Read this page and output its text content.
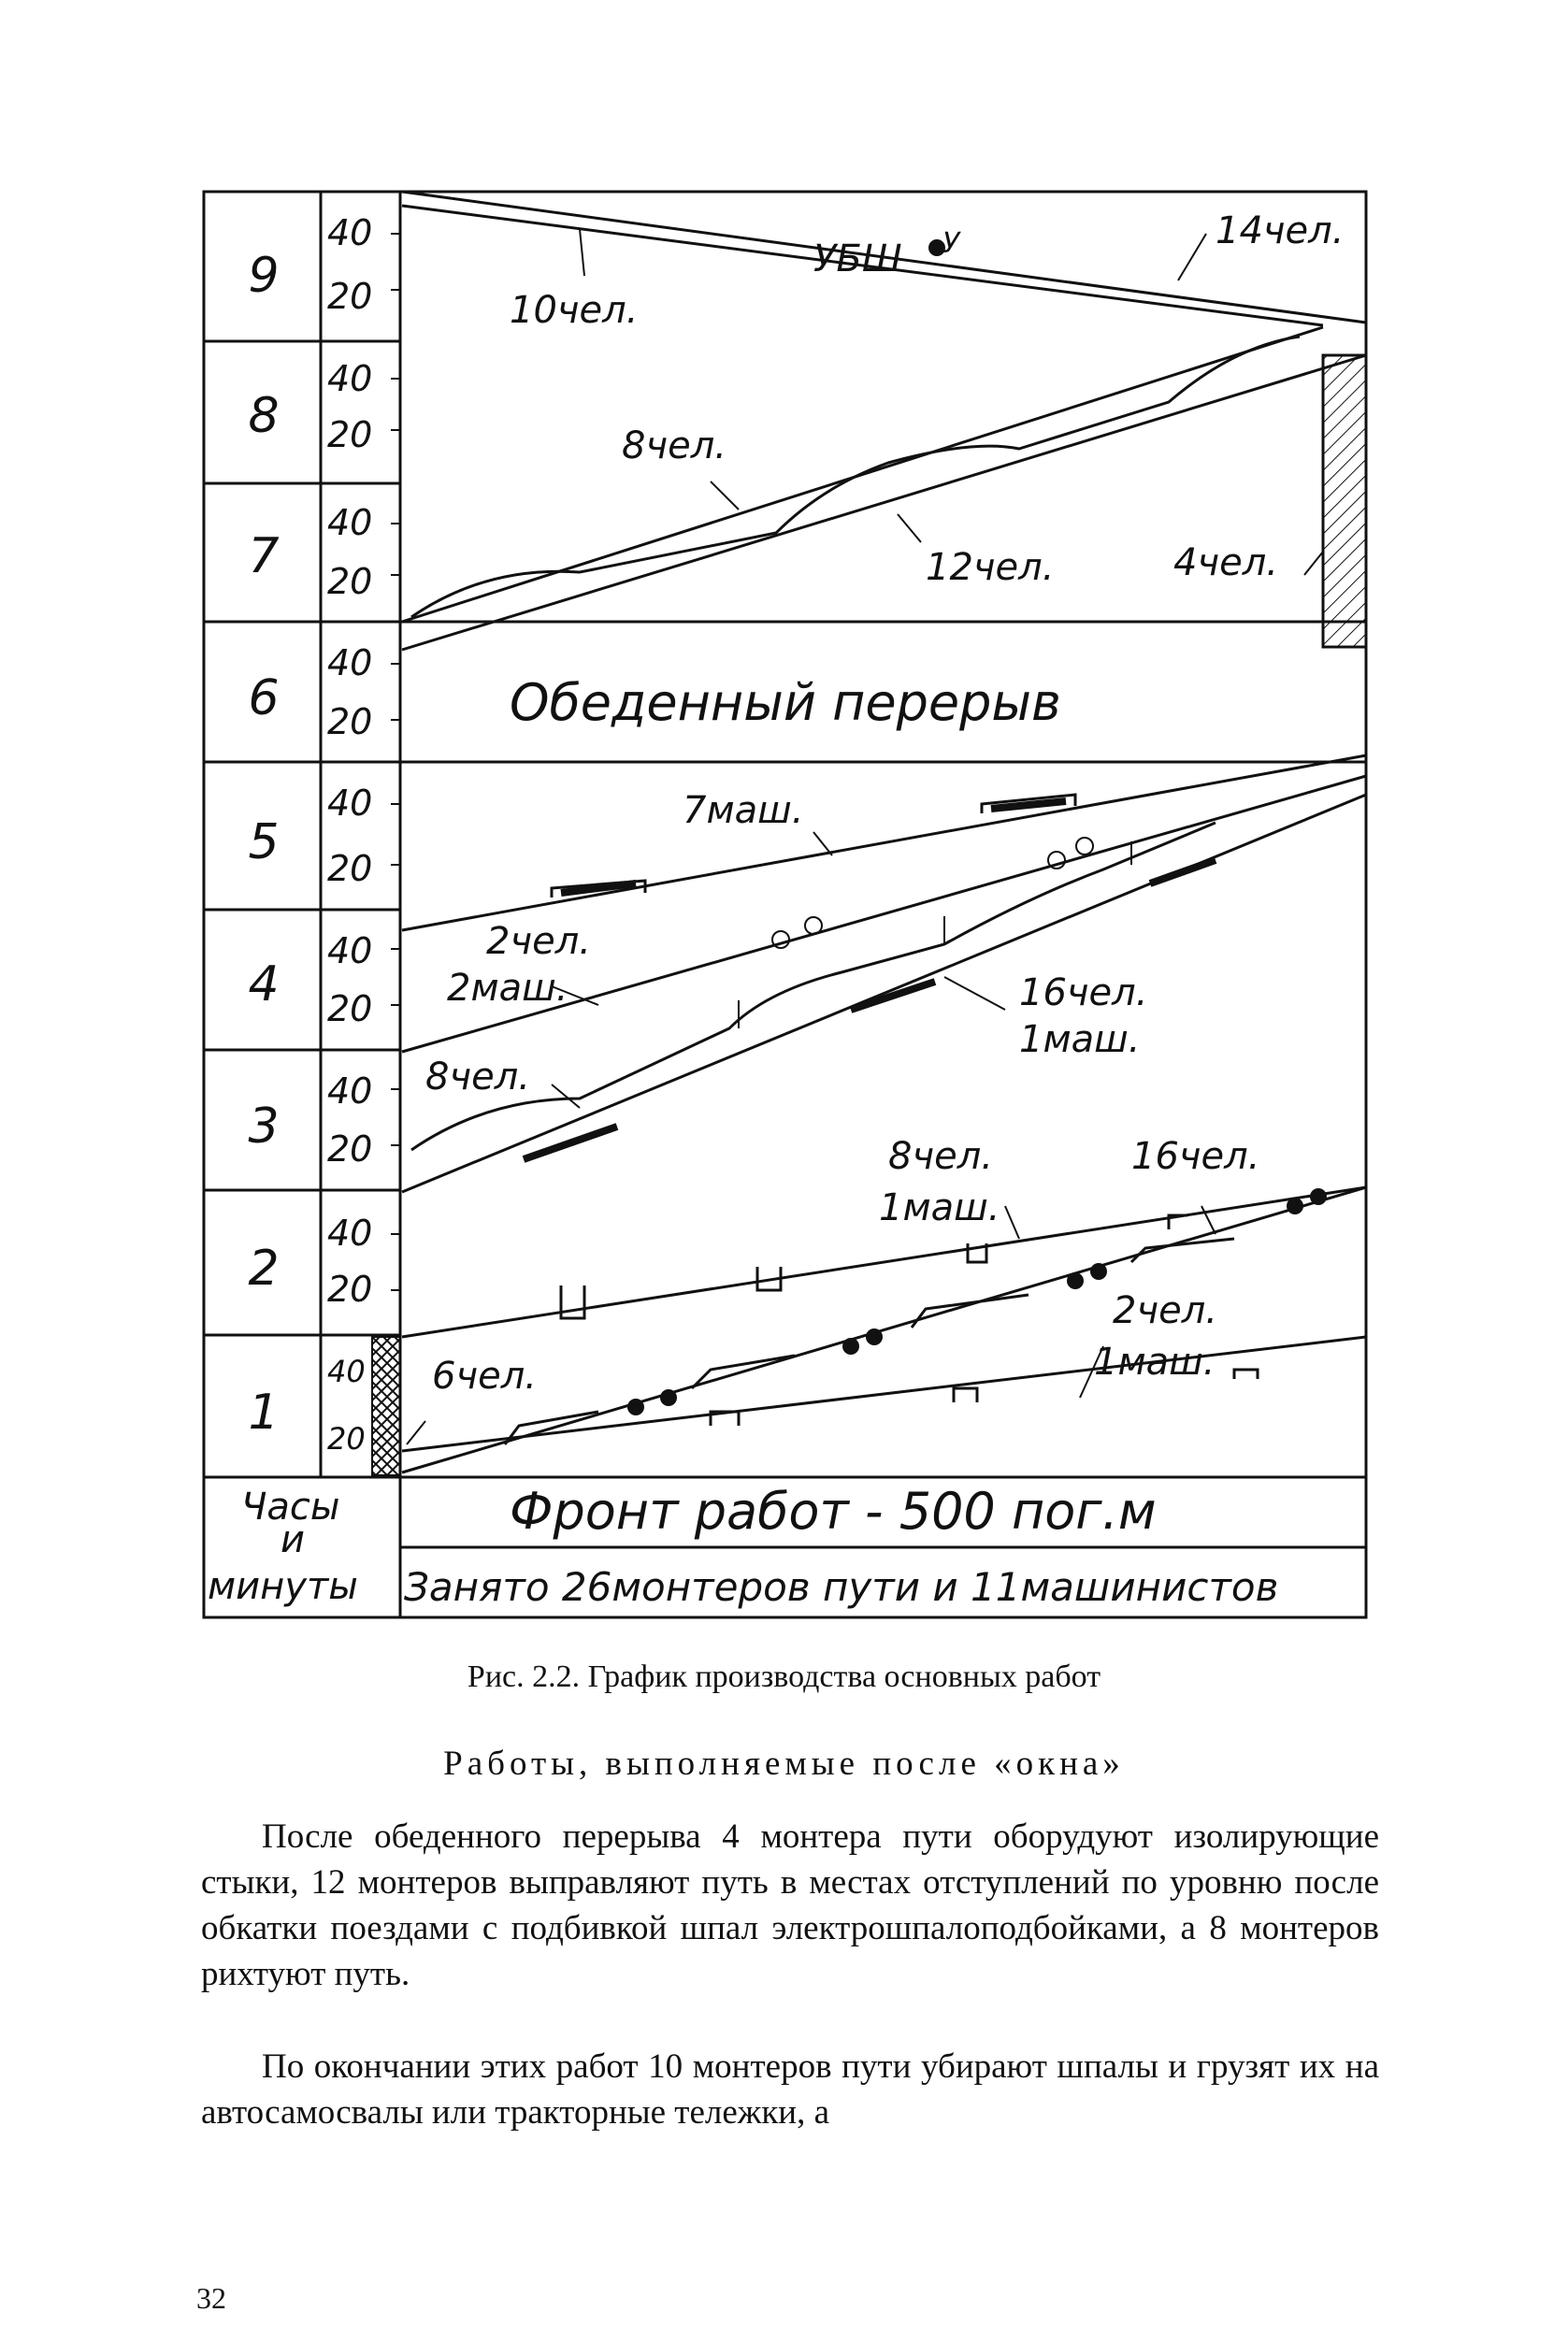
9
8
7
6
5
4
3
2
1
40
20
40
20
40
20
40
20
40
20
40
20
40
20
40
20
40
20
14чел.
10чел.
УБШ У
8чел.
12чел.	4чел.
Обеденный перерыв
7маш.
2чел.
2маш.	16чел.
1маш.
8чел.
8чел.
1маш.
16чел.
2чел.
1маш.
6чел.
Часы
и
минуты
Фронт работ - 500 пог.м
Занято 26монтеров пути и 11машинистов
Рис. 2.2. График производства основных работ
Работы, выполняемые после «окна»

После обеденного перерыва 4 монтера пути оборудуют изолирующие стыки, 12 монтеров выправляют путь в местах отступлений по уровню после обкатки поездами с подбивкой шпал электрошпалоподбойками, а 8 монтеров рихтуют путь.

По окончании этих работ 10 монтеров пути убирают шпалы и грузят их на автосамосвалы или тракторные тележки, а

32
